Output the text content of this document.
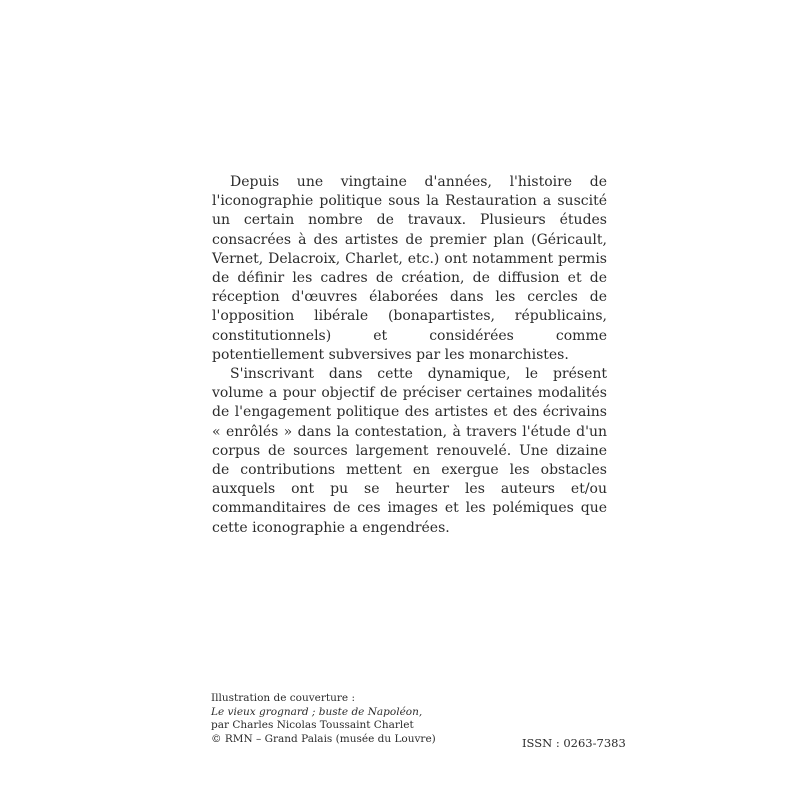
Depuis une vingtaine d'années, l'histoire de l'iconographie politique sous la Restauration a suscité un certain nombre de travaux. Plusieurs études consacrées à des artistes de premier plan (Géricault, Vernet, Delacroix, Charlet, etc.) ont notamment permis de définir les cadres de création, de diffusion et de réception d'œuvres élaborées dans les cercles de l'opposition libérale (bonapartistes, républicains, constitutionnels) et considérées comme potentiellement subversives par les monarchistes.

S'inscrivant dans cette dynamique, le présent volume a pour objectif de préciser certaines modalités de l'engagement politique des artistes et des écrivains « enrôlés » dans la contestation, à travers l'étude d'un corpus de sources largement renouvelé. Une dizaine de contributions mettent en exergue les obstacles auxquels ont pu se heurter les auteurs et/ou commanditaires de ces images et les polémiques que cette iconographie a engendrées.

Illustration de couverture :
Le vieux grognard ; buste de Napoléon,
par Charles Nicolas Toussaint Charlet
© RMN – Grand Palais (musée du Louvre)	ISSN : 0263-7383
